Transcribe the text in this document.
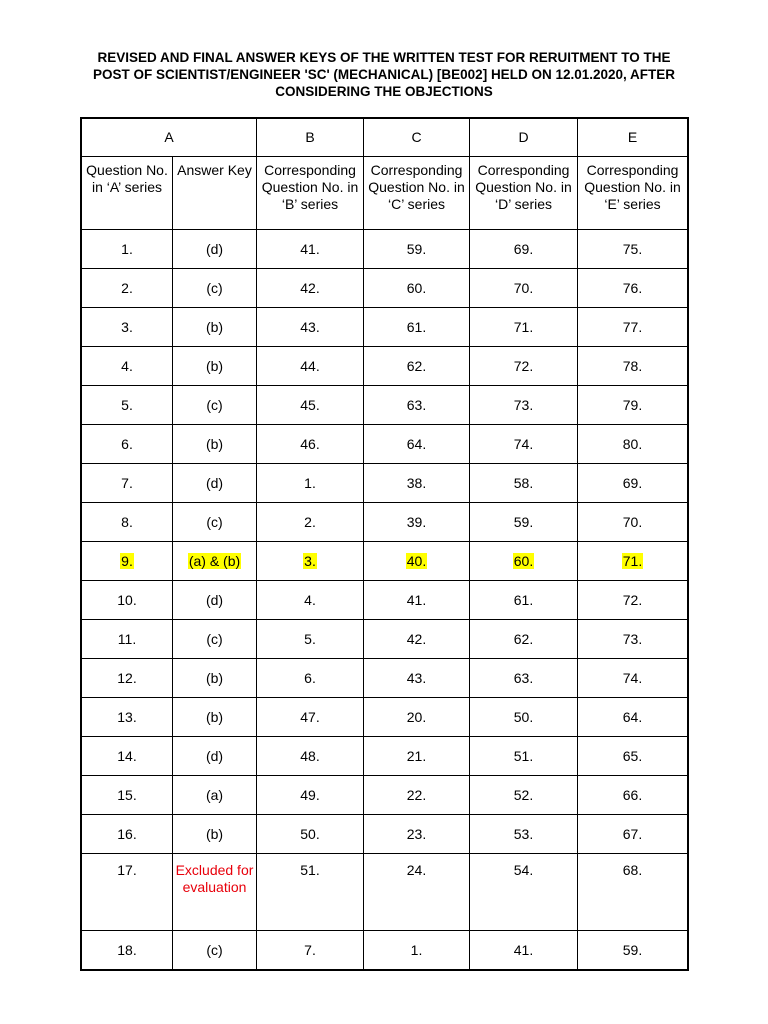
REVISED AND FINAL ANSWER KEYS OF THE WRITTEN TEST FOR RERUITMENT TO THE
POST OF SCIENTIST/ENGINEER 'SC' (MECHANICAL) [BE002] HELD ON 12.01.2020, AFTER
CONSIDERING THE OBJECTIONS
A		B	C	D	E
Question No. in ‘A’ series	Answer Key	Corresponding Question No. in ‘B’ series	Corresponding Question No. in ‘C’ series	Corresponding Question No. in ‘D’ series	Corresponding Question No. in ‘E’ series
1.	(d)	41.	59.	69.	75.
2.	(c)	42.	60.	70.	76.
3.	(b)	43.	61.	71.	77.
4.	(b)	44.	62.	72.	78.
5.	(c)	45.	63.	73.	79.
6.	(b)	46.	64.	74.	80.
7.	(d)	1.	38.	58.	69.
8.	(c)	2.	39.	59.	70.
9.	(a) & (b)	3.	40.	60.	71.
10.	(d)	4.	41.	61.	72.
11.	(c)	5.	42.	62.	73.
12.	(b)	6.	43.	63.	74.
13.	(b)	47.	20.	50.	64.
14.	(d)	48.	21.	51.	65.
15.	(a)	49.	22.	52.	66.
16.	(b)	50.	23.	53.	67.
17.	Excluded for evaluation	51.	24.	54.	68.
18.	(c)	7.	1.	41.	59.
